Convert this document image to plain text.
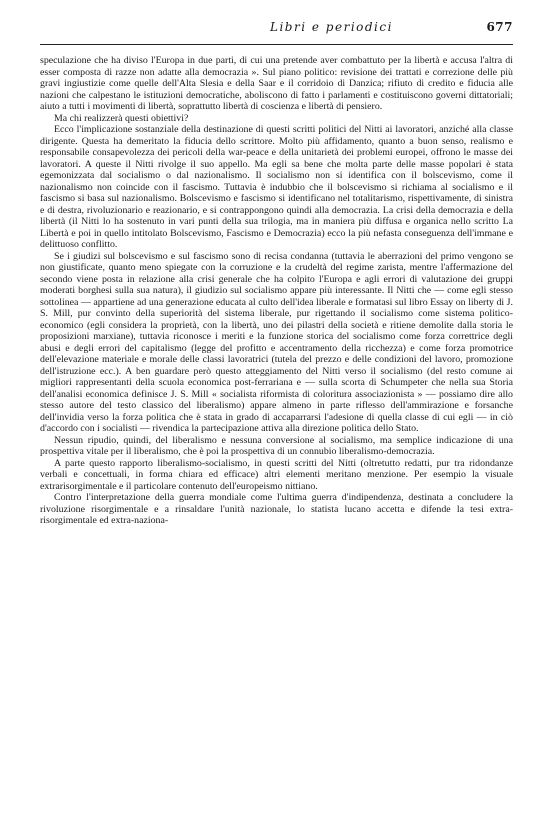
Libri e periodici	677

speculazione che ha diviso l'Europa in due parti, di cui una pretende aver combattuto per la libertà e accusa l'altra di esser composta di razze non adatte alla democrazia ». Sul piano politico: revisione dei trattati e correzione delle più gravi ingiustizie come quelle dell'Alta Slesia e della Saar e il corridoio di Danzica; rifiuto di credito e fiducia alle nazioni che calpestano le istituzioni democratiche, aboliscono di fatto i parlamenti e costituiscono governi dittatoriali; aiuto a tutti i movimenti di libertà, soprattutto libertà di coscienza e libertà di pensiero.

Ma chi realizzerà questi obiettivi?

Ecco l'implicazione sostanziale della destinazione di questi scritti politici del Nitti ai lavoratori, anziché alla classe dirigente. Questa ha demeritato la fiducia dello scrittore. Molto più affidamento, quanto a buon senso, realismo e responsabile consapevolezza dei pericoli della war-peace e della unitarietà dei problemi europei, offrono le masse dei lavoratori. A queste il Nitti rivolge il suo appello. Ma egli sa bene che molta parte delle masse popolari è stata egemonizzata dal socialismo o dal nazionalismo. Il socialismo non si identifica con il bolscevismo, come il nazionalismo non coincide con il fascismo. Tuttavia è indubbio che il bolscevismo si richiama al socialismo e il fascismo si basa sul nazionalismo. Bolscevismo e fascismo si identificano nel totalitarismo, rispettivamente, di sinistra e di destra, rivoluzionario e reazionario, e si contrappongono quindi alla democrazia. La crisi della democrazia e della libertà (il Nitti lo ha sostenuto in vari punti della sua trilogia, ma in maniera più diffusa e organica nello scritto La Libertà e poi in quello intitolato Bolscevismo, Fascismo e Democrazia) ecco la più nefasta conseguenza dell'immane e delittuoso conflitto.

Se i giudizi sul bolscevismo e sul fascismo sono di recisa condanna (tuttavia le aberrazioni del primo vengono se non giustificate, quanto meno spiegate con la corruzione e la crudeltà del regime zarista, mentre l'affermazione del secondo viene posta in relazione alla crisi generale che ha colpito l'Europa e agli errori di valutazione dei gruppi moderati borghesi sulla sua natura), il giudizio sul socialismo appare più interessante. Il Nitti che — come egli stesso sottolinea — appartiene ad una generazione educata al culto dell'idea liberale e formatasi sul libro Essay on liberty di J. S. Mill, pur convinto della superiorità del sistema liberale, pur rigettando il socialismo come sistema politico-economico (egli considera la proprietà, con la libertà, uno dei pilastri della società e ritiene demolite dalla storia le proposizioni marxiane), tuttavia riconosce i meriti e la funzione storica del socialismo come forza correttrice degli abusi e degli errori del capitalismo (legge del profitto e accentramento della ricchezza) e come forza promotrice dell'elevazione materiale e morale delle classi lavoratrici (tutela del prezzo e delle condizioni del lavoro, promozione dell'istruzione ecc.). A ben guardare però questo atteggiamento del Nitti verso il socialismo (del resto comune ai migliori rappresentanti della scuola economica post-ferrariana e — sulla scorta di Schumpeter che nella sua Storia dell'analisi economica definisce J. S. Mill « socialista riformista di coloritura associazionista » — possiamo dire allo stesso autore del testo classico del liberalismo) appare almeno in parte riflesso dell'ammirazione e forsanche dell'invidia verso la forza politica che è stata in grado di accaparrarsi l'adesione di quella classe di cui egli — in ciò d'accordo con i socialisti — rivendica la partecipazione attiva alla direzione politica dello Stato.

Nessun ripudio, quindi, del liberalismo e nessuna conversione al socialismo, ma semplice indicazione di una prospettiva vitale per il liberalismo, che è poi la prospettiva di un connubio liberalismo-democrazia.

A parte questo rapporto liberalismo-socialismo, in questi scritti del Nitti (oltretutto redatti, pur tra ridondanze verbali e concettuali, in forma chiara ed efficace) altri elementi meritano menzione. Per esempio la visuale extrarisorgimentale e il particolare contenuto dell'europeismo nittiano.

Contro l'interpretazione della guerra mondiale come l'ultima guerra d'indipendenza, destinata a concludere la rivoluzione risorgimentale e a rinsaldare l'unità nazionale, lo statista lucano accetta e difende la tesi extra-risorgimentale ed extra-naziona-
